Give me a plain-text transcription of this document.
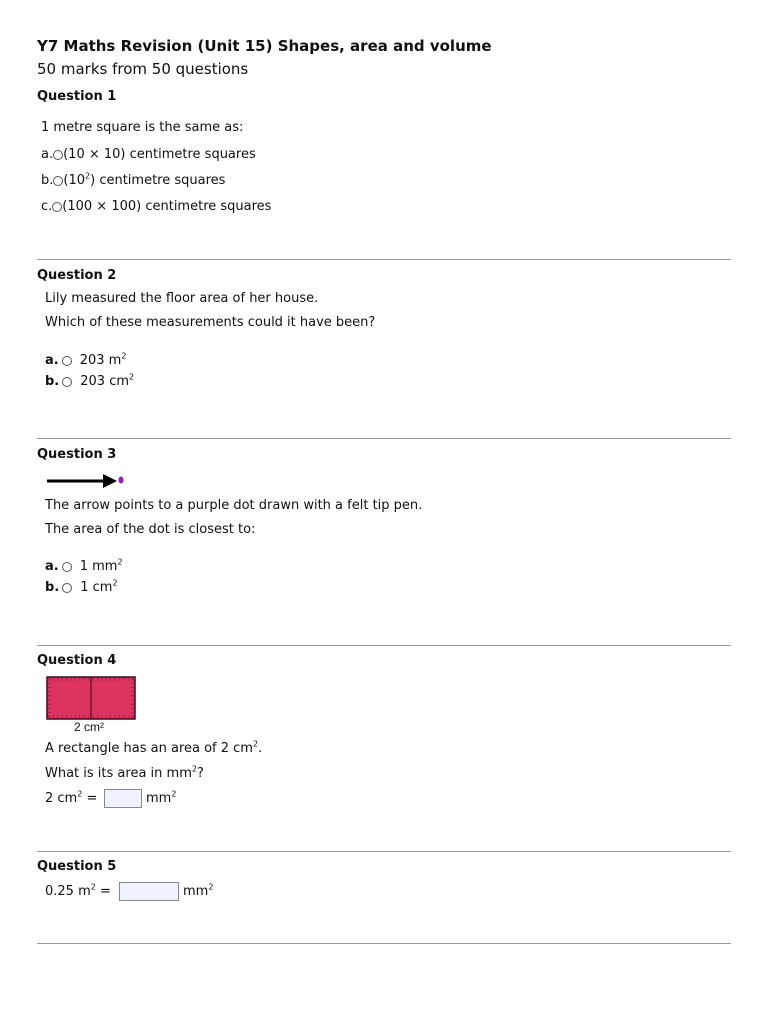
Y7 Maths Revision (Unit 15) Shapes, area and volume
50 marks from 50 questions
Question 1
1 metre square is the same as:
a. (10 × 10) centimetre squares
b. $(10^2)$ centimetre squares
c. (100 × 100) centimetre squares
Question 2
Lily measured the floor area of her house.
Which of these measurements could it have been?
a. 203 $m^2$
b. 203 $cm^2$
Question 3
The arrow points to a purple dot drawn with a felt tip pen.
The area of the dot is closest to:
a. 1 $mm^2$
b. 1 $cm^2$
Question 4
2 cm²
A rectangle has an area of 2 $cm^2$.
What is its area in $mm^2$?
2 $cm^2$ =	$mm^2$
Question 5
0.25 $m^2$ =	$mm^2$
